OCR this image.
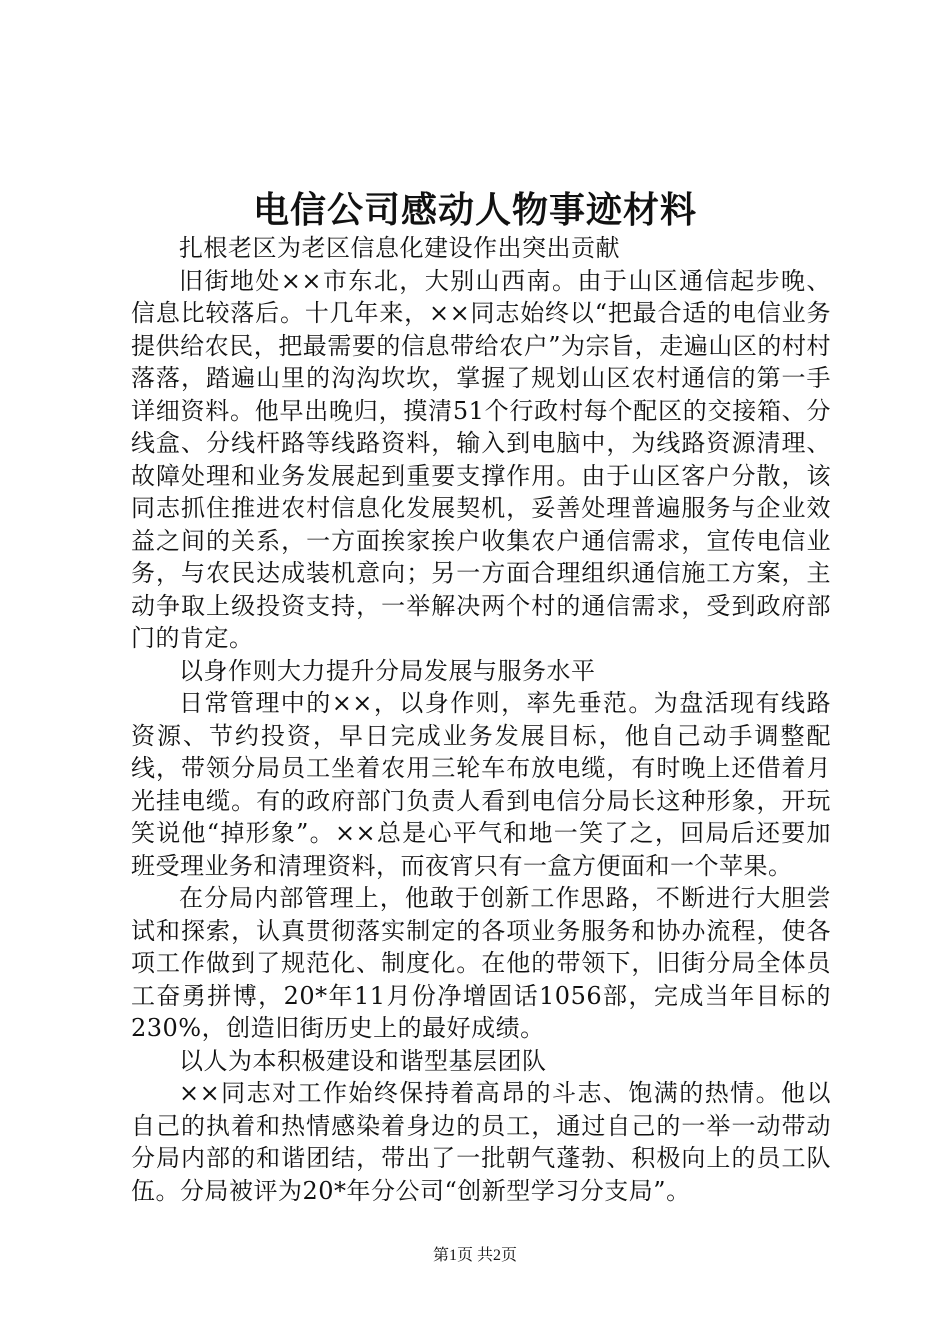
电信公司感动人物事迹材料

扎根老区为老区信息化建设作出突出贡献

旧街地处××市东北，大别山西南。由于山区通信起步晚、信息比较落后。十几年来，××同志始终以“把最合适的电信业务提供给农民，把最需要的信息带给农户”为宗旨，走遍山区的村村落落，踏遍山里的沟沟坎坎，掌握了规划山区农村通信的第一手详细资料。他早出晚归，摸清51个行政村每个配区的交接箱、分线盒、分线杆路等线路资料，输入到电脑中，为线路资源清理、故障处理和业务发展起到重要支撑作用。由于山区客户分散，该同志抓住推进农村信息化发展契机，妥善处理普遍服务与企业效益之间的关系，一方面挨家挨户收集农户通信需求，宣传电信业务，与农民达成装机意向；另一方面合理组织通信施工方案，主动争取上级投资支持，一举解决两个村的通信需求，受到政府部门的肯定。

以身作则大力提升分局发展与服务水平

日常管理中的××，以身作则，率先垂范。为盘活现有线路资源、节约投资，早日完成业务发展目标，他自己动手调整配线，带领分局员工坐着农用三轮车布放电缆，有时晚上还借着月光挂电缆。有的政府部门负责人看到电信分局长这种形象，开玩笑说他“掉形象”。××总是心平气和地一笑了之，回局后还要加班受理业务和清理资料，而夜宵只有一盒方便面和一个苹果。

在分局内部管理上，他敢于创新工作思路，不断进行大胆尝试和探索，认真贯彻落实制定的各项业务服务和协办流程，使各项工作做到了规范化、制度化。在他的带领下，旧街分局全体员工奋勇拼博，20*年11月份净增固话1056部，完成当年目标的230%，创造旧街历史上的最好成绩。

以人为本积极建设和谐型基层团队

××同志对工作始终保持着高昂的斗志、饱满的热情。他以自己的执着和热情感染着身边的员工，通过自己的一举一动带动分局内部的和谐团结，带出了一批朝气蓬勃、积极向上的员工队伍。分局被评为20*年分公司“创新型学习分支局”。

第1页 共2页
